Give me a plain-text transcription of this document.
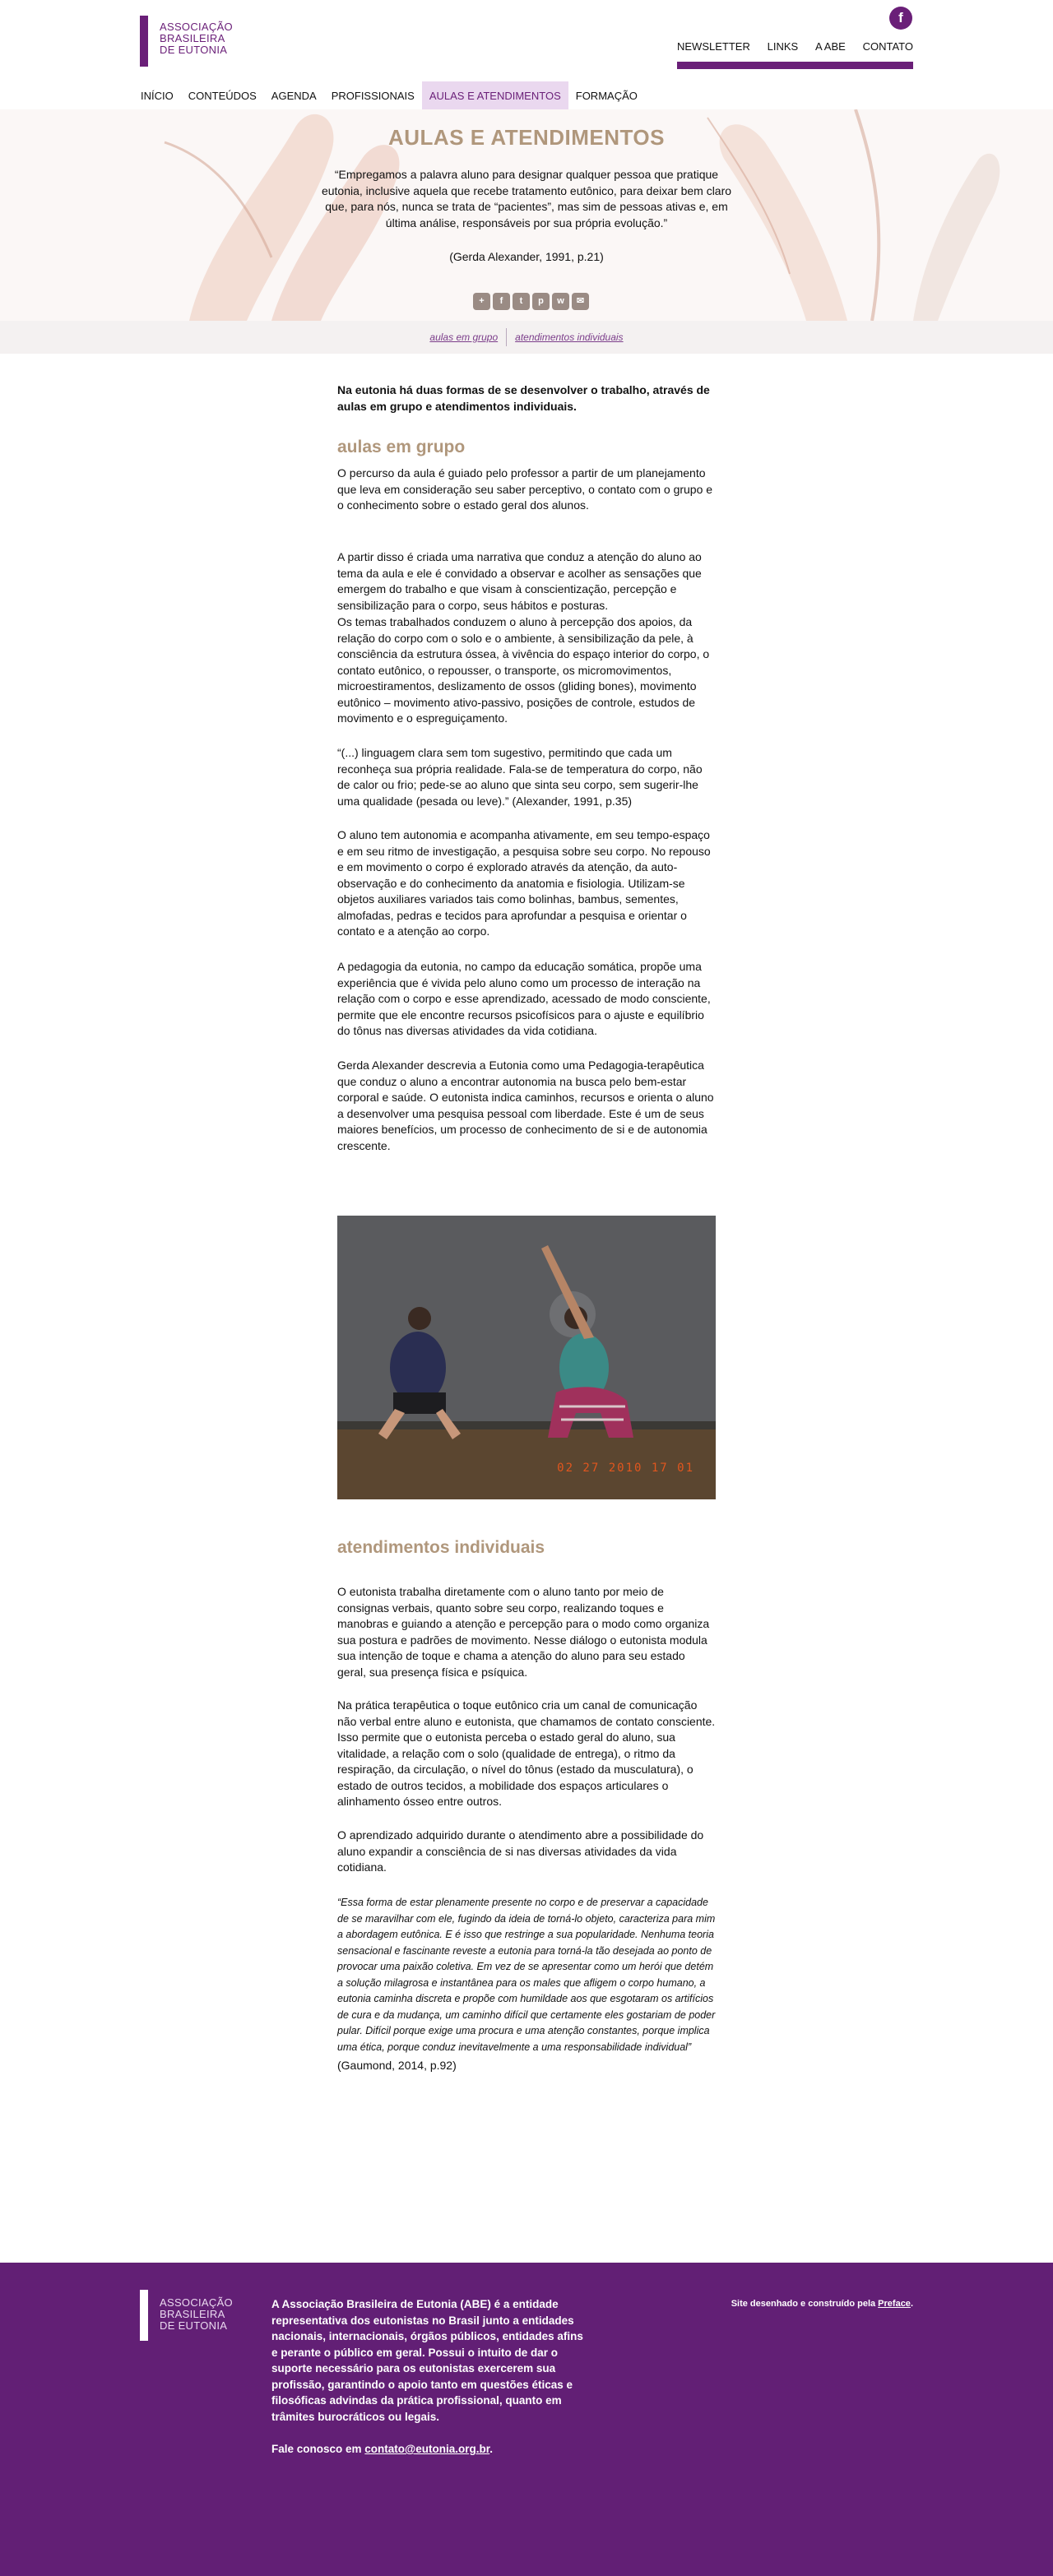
ASSOCIAÇÃO
BRASILEIRA
DE EUTONIA
f
NEWSLETTER LINKS A ABE CONTATO
INÍCIO	CONTEÚDOS	AGENDA	PROFISSIONAIS	AULAS E ATENDIMENTOS	FORMAÇÃO
AULAS E ATENDIMENTOS
“Empregamos a palavra aluno para designar qualquer pessoa que pratique eutonia, inclusive aquela que recebe tratamento eutônico, para deixar bem claro que, para nós, nunca se trata de “pacientes”, mas sim de pessoas ativas e, em última análise, responsáveis por sua própria evolução.”
(Gerda Alexander, 1991, p.21)
+	f	t	p	w	✉
aulas em grupo	atendimentos individuais
Na eutonia há duas formas de se desenvolver o trabalho, através de aulas em grupo e atendimentos individuais.
aulas em grupo
O percurso da aula é guiado pelo professor a partir de um planejamento que leva em consideração seu saber perceptivo, o contato com o grupo e o conhecimento sobre o estado geral dos alunos.
A partir disso é criada uma narrativa que conduz a atenção do aluno ao tema da aula e ele é convidado a observar e acolher as sensações que emergem do trabalho e que visam à conscientização, percepção e sensibilização para o corpo, seus hábitos e posturas.
Os temas trabalhados conduzem o aluno à percepção dos apoios, da relação do corpo com o solo e o ambiente, à sensibilização da pele, à consciência da estrutura óssea, à vivência do espaço interior do corpo, o contato eutônico, o repousser, o transporte, os micromovimentos, microestiramentos, deslizamento de ossos (gliding bones), movimento eutônico – movimento ativo-passivo, posições de controle, estudos de movimento e o espreguiçamento.
“(...) linguagem clara sem tom sugestivo, permitindo que cada um reconheça sua própria realidade. Fala-se de temperatura do corpo, não de calor ou frio; pede-se ao aluno que sinta seu corpo, sem sugerir-lhe uma qualidade (pesada ou leve).” (Alexander, 1991, p.35)
O aluno tem autonomia e acompanha ativamente, em seu tempo-espaço e em seu ritmo de investigação, a pesquisa sobre seu corpo. No repouso e em movimento o corpo é explorado através da atenção, da auto-observação e do conhecimento da anatomia e fisiologia. Utilizam-se objetos auxiliares variados tais como bolinhas, bambus, sementes, almofadas, pedras e tecidos para aprofundar a pesquisa e orientar o contato e a atenção ao corpo.
A pedagogia da eutonia, no campo da educação somática, propõe uma experiência que é vivida pelo aluno como um processo de interação na relação com o corpo e esse aprendizado, acessado de modo consciente, permite que ele encontre recursos psicofísicos para o ajuste e equilíbrio do tônus nas diversas atividades da vida cotidiana.
Gerda Alexander descrevia a Eutonia como uma Pedagogia-terapêutica que conduz o aluno a encontrar autonomia na busca pelo bem-estar corporal e saúde. O eutonista indica caminhos, recursos e orienta o aluno a desenvolver uma pesquisa pessoal com liberdade. Este é um de seus maiores benefícios, um processo de conhecimento de si e de autonomia crescente.
02 27 2010 17 01
atendimentos individuais
O eutonista trabalha diretamente com o aluno tanto por meio de consignas verbais, quanto sobre seu corpo, realizando toques e manobras e guiando a atenção e percepção para o modo como organiza sua postura e padrões de movimento. Nesse diálogo o eutonista modula sua intenção de toque e chama a atenção do aluno para seu estado geral, sua presença física e psíquica.
Na prática terapêutica o toque eutônico cria um canal de comunicação não verbal entre aluno e eutonista, que chamamos de contato consciente. Isso permite que o eutonista perceba o estado geral do aluno, sua vitalidade, a relação com o solo (qualidade de entrega), o ritmo da respiração, da circulação, o nível do tônus (estado da musculatura), o estado de outros tecidos, a mobilidade dos espaços articulares o alinhamento ósseo entre outros.
O aprendizado adquirido durante o atendimento abre a possibilidade do aluno expandir a consciência de si nas diversas atividades da vida cotidiana.
“Essa forma de estar plenamente presente no corpo e de preservar a capacidade de se maravilhar com ele, fugindo da ideia de torná-lo objeto, caracteriza para mim a abordagem eutônica. E é isso que restringe a sua popularidade. Nenhuma teoria sensacional e fascinante reveste a eutonia para torná-la tão desejada ao ponto de provocar uma paixão coletiva. Em vez de se apresentar como um herói que detém a solução milagrosa e instantânea para os males que afligem o corpo humano, a eutonia caminha discreta e propõe com humildade aos que esgotaram os artifícios de cura e da mudança, um caminho difícil que certamente eles gostariam de poder pular. Difícil porque exige uma procura e uma atenção constantes, porque implica uma ética, porque conduz inevitavelmente a uma responsabilidade individual”
(Gaumond, 2014, p.92)
ASSOCIAÇÃO
BRASILEIRA
DE EUTONIA
A Associação Brasileira de Eutonia (ABE) é a entidade representativa dos eutonistas no Brasil junto a entidades nacionais, internacionais, órgãos públicos, entidades afins e perante o público em geral. Possui o intuito de dar o suporte necessário para os eutonistas exercerem sua profissão, garantindo o apoio tanto em questões éticas e filosóficas advindas da prática profissional, quanto em trâmites burocráticos ou legais.
Fale conosco em contato@eutonia.org.br.
Site desenhado e construído pela Preface.
